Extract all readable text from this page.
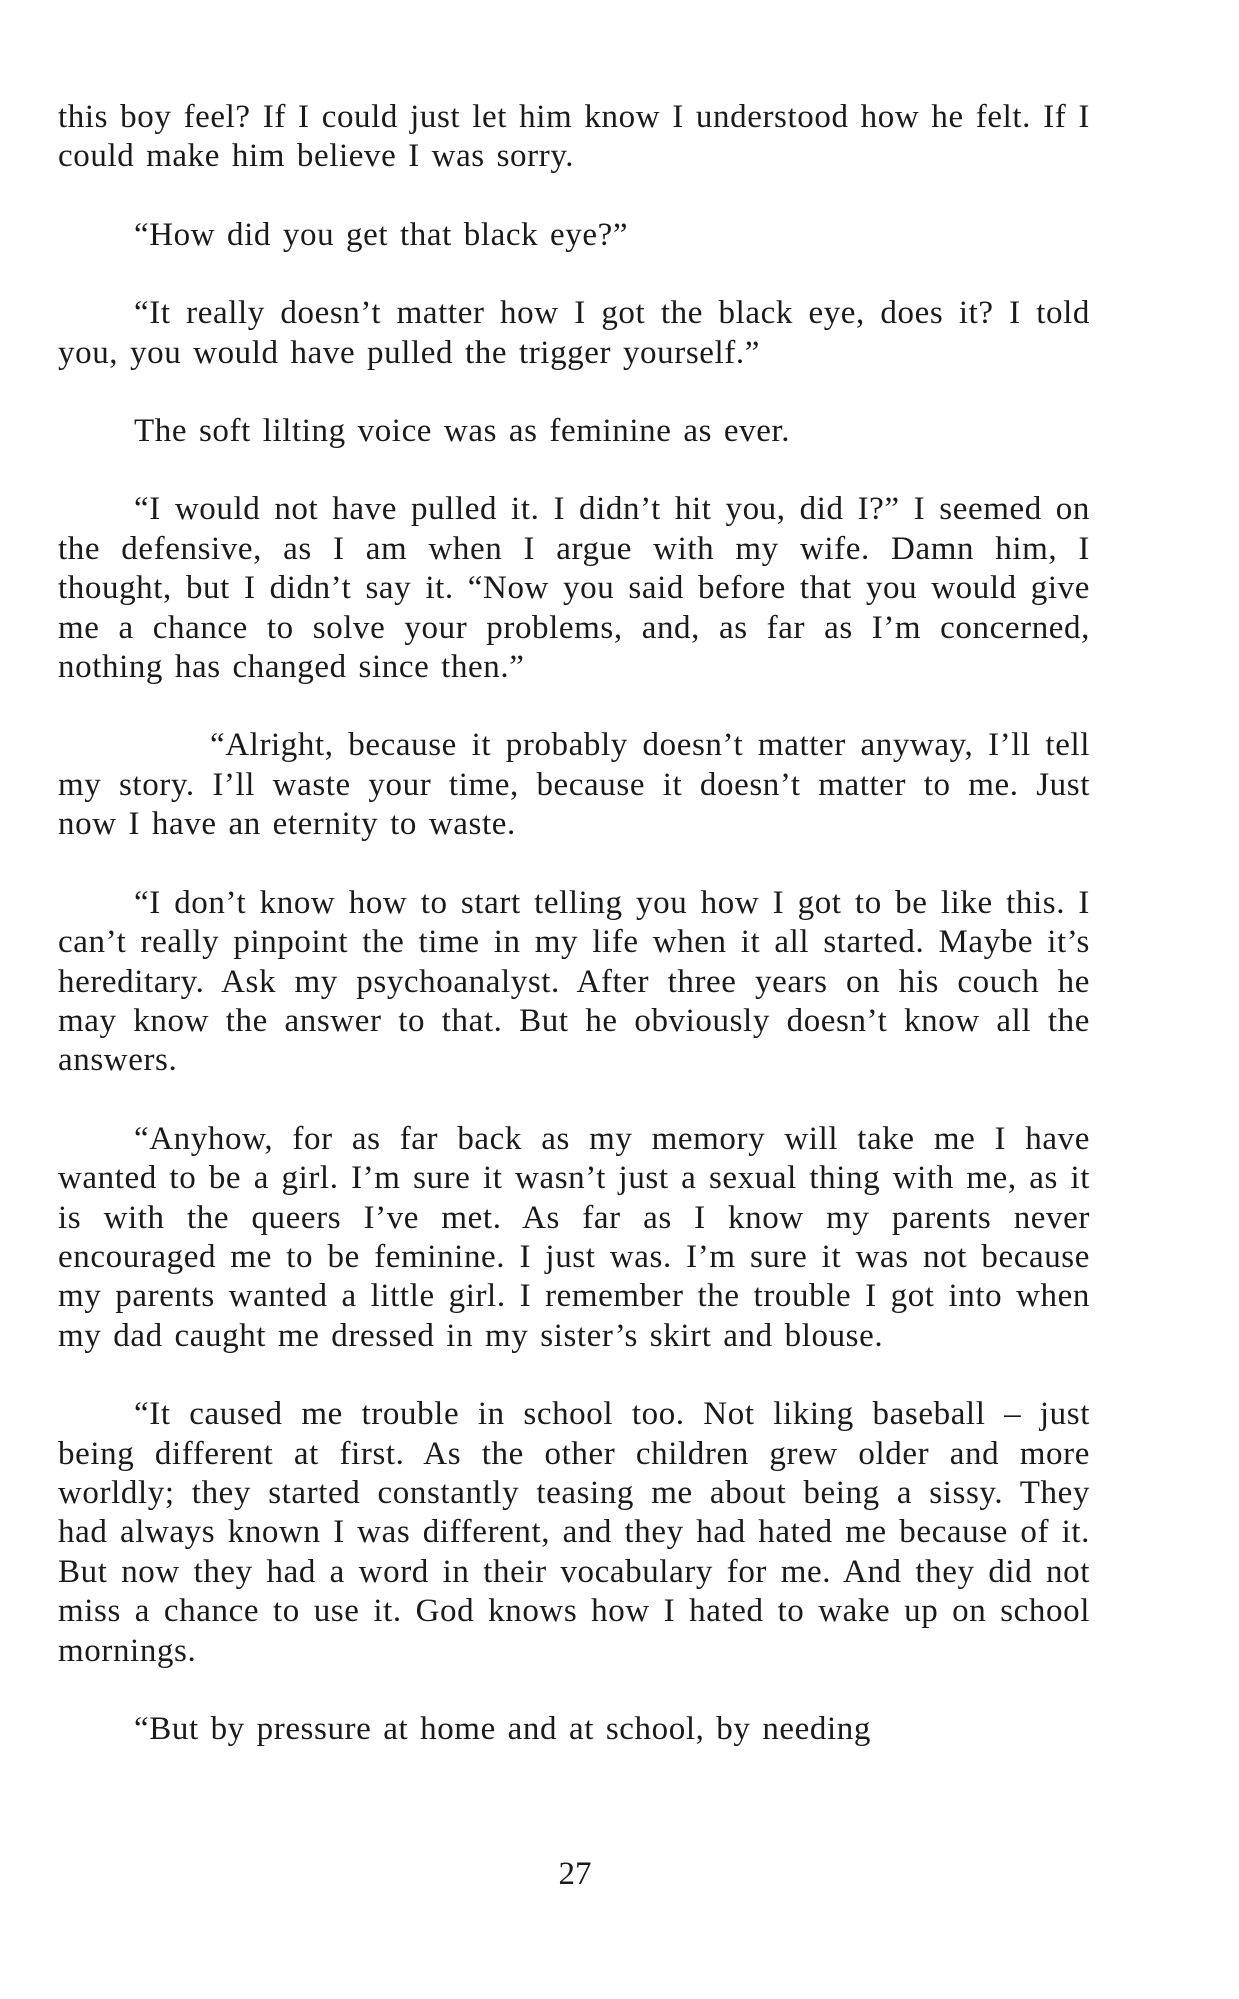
this boy feel? If I could just let him know I understood how he felt. If I could make him believe I was sorry.

“How did you get that black eye?”

“It really doesn’t matter how I got the black eye, does it? I told you, you would have pulled the trigger yourself.”

The soft lilting voice was as feminine as ever.

“I would not have pulled it. I didn’t hit you, did I?” I seemed on the defensive, as I am when I argue with my wife. Damn him, I thought, but I didn’t say it. “Now you said before that you would give me a chance to solve your problems, and, as far as I’m concerned, nothing has changed since then.”

“Alright, because it probably doesn’t matter anyway, I’ll tell my story. I’ll waste your time, because it doesn’t matter to me. Just now I have an eternity to waste.

“I don’t know how to start telling you how I got to be like this. I can’t really pinpoint the time in my life when it all started. Maybe it’s hereditary. Ask my psychoanalyst. After three years on his couch he may know the answer to that. But he obviously doesn’t know all the answers.

“Anyhow, for as far back as my memory will take me I have wanted to be a girl. I’m sure it wasn’t just a sexual thing with me, as it is with the queers I’ve met. As far as I know my parents never encouraged me to be feminine. I just was. I’m sure it was not because my parents wanted a little girl. I remember the trouble I got into when my dad caught me dressed in my sister’s skirt and blouse.

“It caused me trouble in school too. Not liking baseball – just being different at first. As the other children grew older and more worldly; they started constantly teasing me about being a sissy. They had always known I was different, and they had hated me because of it. But now they had a word in their vocabulary for me. And they did not miss a chance to use it. God knows how I hated to wake up on school mornings.

“But by pressure at home and at school, by needing

27
